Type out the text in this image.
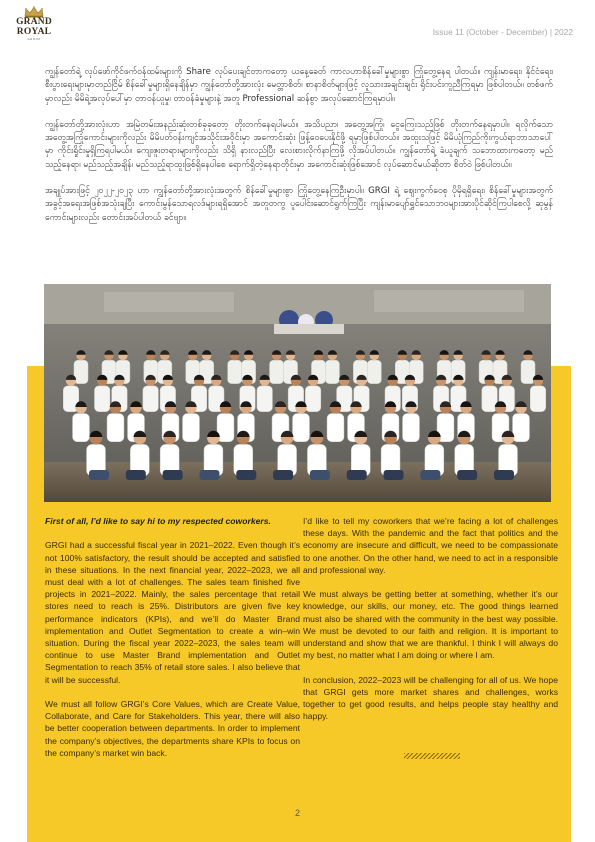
GRAND
ROYAL
GROUP
Issue 11 (October - December) | 2022

ကျွန်တော်ရဲ့ လုပ်ဖော်ကိုင်ဖက်ဝန်ထမ်းများကို Share လုပ်ပေးချင်တာကတော့ ယနေ့ခေတ် ကာလဟာစိန်ခေါ်မှုများစွာ ကြုံတွေ့နေရ ပါတယ်။ ကျန်းမာရေး၊ နိုင်ငံရေး၊ စီးပွားရေးများမှာတည်ငြိမ် စိန်ခေါ်မှုများရှိနေချိန်မှာ ကျွန်တော်တို့အားလုံး မေတ္တာစိတ်၊ စာနာစိတ်များဖြင့် လူသားအချင်းချင်း ရိုင်းပင်းကူညီကြရမှာ ဖြစ်ပါတယ်။ တစ်ဖက်မှာလည်း မိမိရဲ့အလုပ်ပေါ်မှာ တာဝန်ယူမှု၊ တာဝန်ခံမှုများနဲ့ အတူ Professional ဆန်စွာ အလုပ်ဆောင်ကြရမှာပါ။

ကျွန်တော်တို့အားလုံးဟာ အမြဲတမ်းအနည်းဆုံးတစ်ခုခုတော့ တိုးတက်နေရပါမယ်။ အသိပညာ၊ အတွေ့အကြုံ၊ ငွေကြေးသည်ဖြစ် တိုးတက်နေရမှာပါ။ ရလိုက်သော အတွေ့အကြုံကောင်းများကိုလည်း မိမိပတ်ဝန်းကျင်အသိုင်းအဝိုင်းမှာ အကောင်းဆုံး ဖြန့်ဝေပေးနိုင်ဖို့ ရမှာဖြစ်ပါတယ်။ အထူးသဖြင့် မိမိယုံကြည်ကိုးကွယ်ရာဘာသာပေါ်မှာ ကိုင်းရှိုင်းမှုရှိကြရပါမယ်။ ကျေးဇူးတရားများကိုလည်း သိရှိ နားလည်ပြီး လေးစားလိုက်နာကြဖို့ လိုအပ်ပါတယ်။ ကျွန်တော်ရဲ့ ခံယူချက် သဘောထားကတော့ မည်သည့်နေရာ၊ မည်သည့်အချိန်၊ မည်သည့်ရာထူးဖြစ်ရှိနေပါစေ ရောက်ရှိတဲ့နေရာတိုင်းမှာ အကောင်းဆုံးဖြစ်အောင် လုပ်ဆောင်မယ်ဆိုတာ စိတ်ဝဲ ဖြစ်ပါတယ်။

အချုပ်အားဖြင့် ၂၀၂၂-၂၀၂၃ ဟာ ကျွန်တော်တို့အားလုံးအတွက် စိန်ခေါ်မှုများစွာ ကြုံတွေ့နေကြဦးမှာပါ။ GRGI ရဲ့ ဈေးကွက်ဝေစု ပိုမိုရရှိရေး၊ စိန်ခေါ်မှုများအတွက် အခွင့်အရေးအဖြစ်အသုံးချပြီး ကောင်းမွန်သောရလဒ်များရရှိအောင် အတူတကွ ပူပေါင်းဆောင်ရွက်ကြပြီး ကျန်းမာပျော်ရွှင်သောဘဝများအားပိုင်ဆိုင်ကြပါစေလို့ ဆုမွန်ကောင်းများလည်း တောင်းအပ်ပါတယ် ခင်ဗျာ။

First of all, I’d like to say hi to my respected coworkers.

GRGI had a successful fiscal year in 2021–2022. Even though it’s not 100% satisfactory, the result should be accepted and satisfied in these situations. In the next financial year, 2022–2023, we all must deal with a lot of challenges. The sales team finished five projects in 2021–2022. Mainly, the sales percentage that retail stores need to reach is 25%. Distributors are given five key performance indicators (KPIs), and we’ll do Master Brand implementation and Outlet Segmentation to create a win–win situation. During the fiscal year 2022–2023, the sales team will continue to use Master Brand implementation and Outlet Segmentation to reach 35% of retail store sales. I also believe that it will be successful.

We must all follow GRGI’s Core Values, which are Create Value, Collaborate, and Care for Stakeholders. This year, there will also be better cooperation between departments. In order to implement the company’s objectives, the departments share KPIs to focus on the company’s market win back.

I’d like to tell my coworkers that we’re facing a lot of challenges these days. With the pandemic and the fact that politics and the economy are insecure and difficult, we need to be compassionate to one another. On the other hand, we need to act in a responsible and professional way.

We must always be getting better at something, whether it’s our knowledge, our skills, our money, etc. The good things learned must also be shared with the community in the best way possible. We must be devoted to our faith and religion. It is important to understand and show that we are thankful. I think I will always do my best, no matter what I am doing or where I am.

In conclusion, 2022–2023 will be challenging for all of us. We hope that GRGI gets more market shares and challenges, works together to get good results, and helps people stay healthy and happy.

2
